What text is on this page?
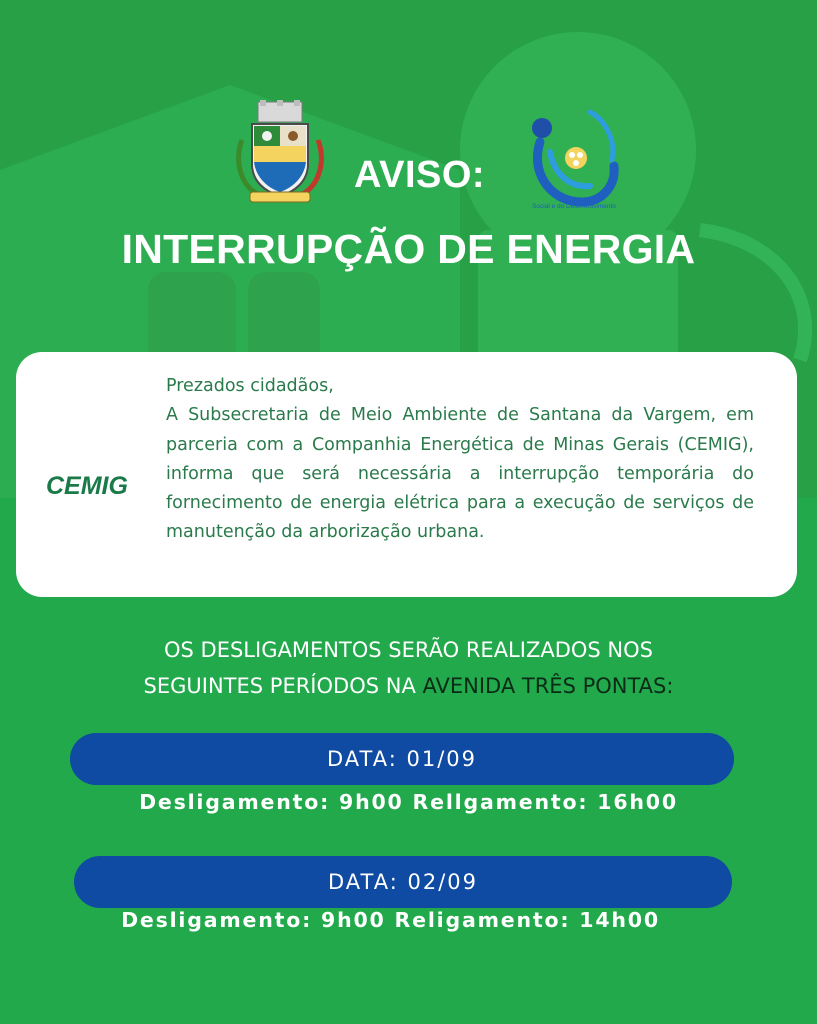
AVISO:
Social e do Desenvolvimento
INTERRUPÇÃO DE ENERGIA
CEMIG
Prezados cidadãos,
A Subsecretaria de Meio Ambiente de Santana da Vargem, em parceria com a Companhia Energética de Minas Gerais (CEMIG), informa que será necessária a interrupção temporária do fornecimento de energia elétrica para a execução de serviços de manutenção da arborização urbana.
OS DESLIGAMENTOS SERÃO REALIZADOS NOS
SEGUINTES PERÍODOS NA AVENIDA TRÊS PONTAS:
DATA: 01/09
Desligamento: 9h00 Rellgamento: 16h00
DATA: 02/09
Desligamento: 9h00 Religamento: 14h00
